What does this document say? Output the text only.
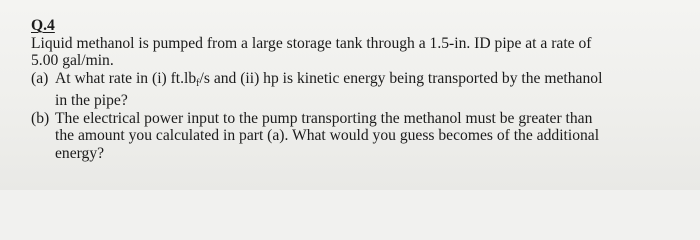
Q.4
Liquid methanol is pumped from a large storage tank through a 1.5-in. ID pipe at a rate of
5.00 gal/min.
(a) At what rate in (i) $ft.lb_f/s$ and (ii) hp is kinetic energy being transported by the methanol
in the pipe?
(b) The electrical power input to the pump transporting the methanol must be greater than
the amount you calculated in part (a). What would you guess becomes of the additional
energy?
